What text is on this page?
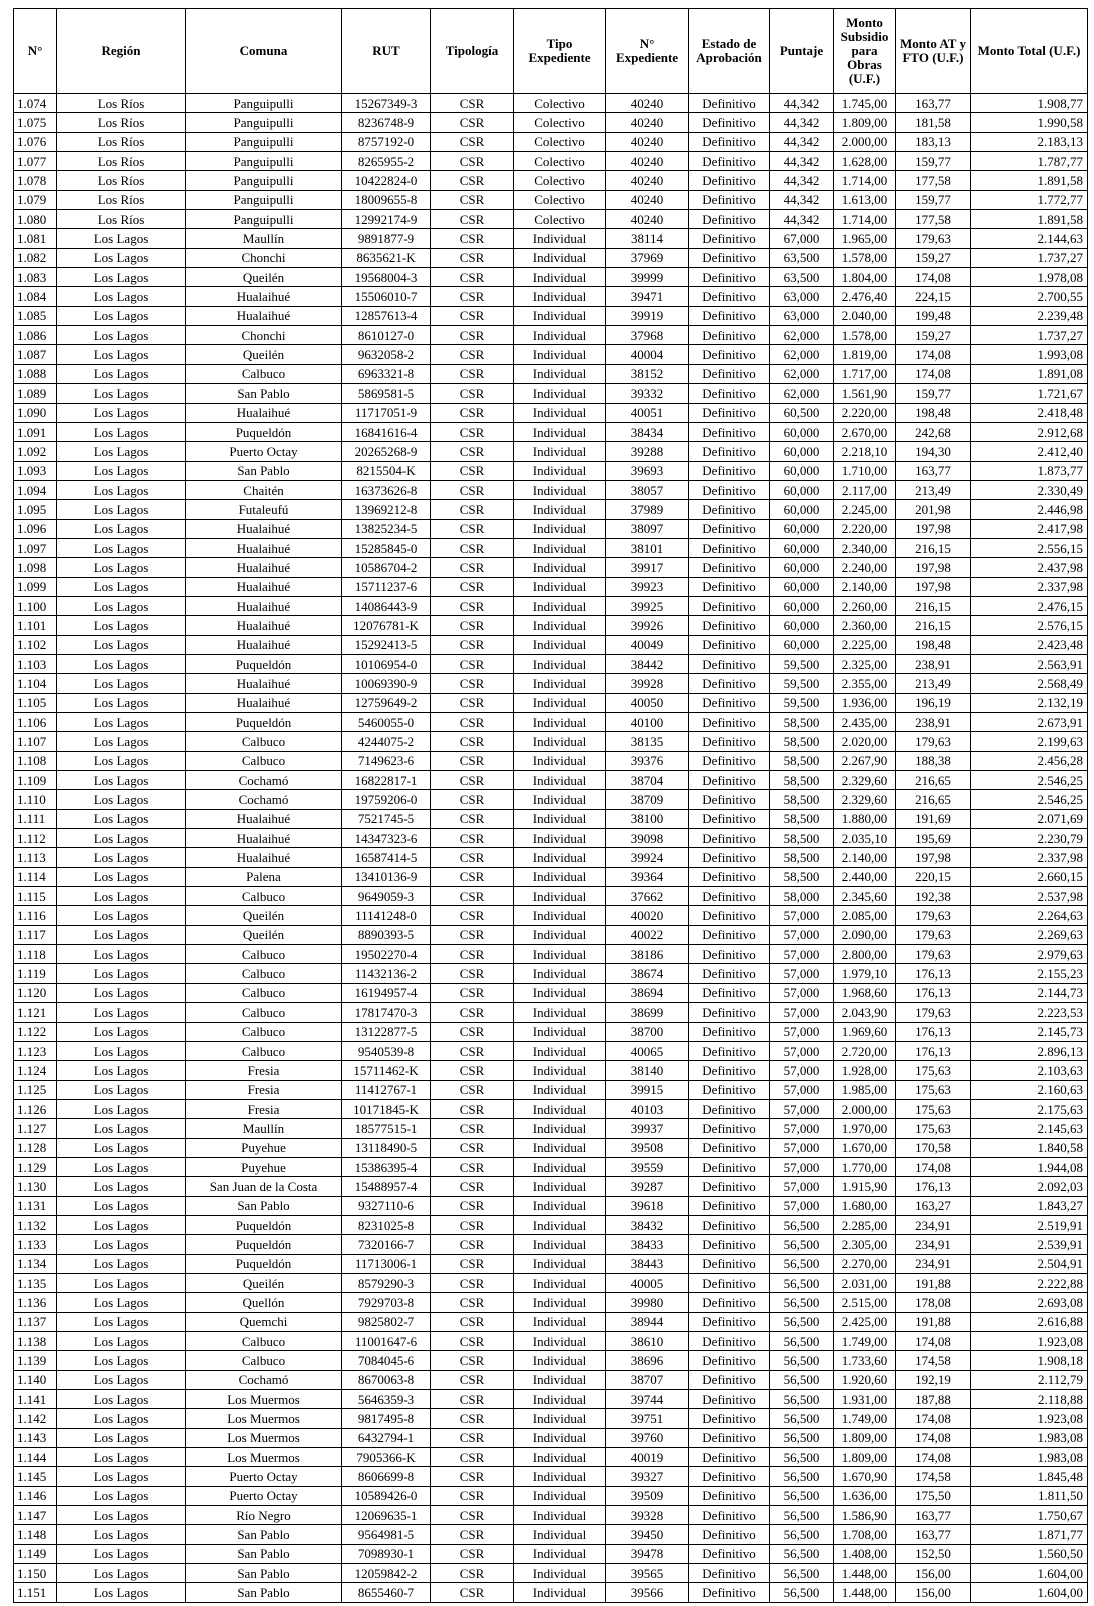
N°	Región	Comuna	RUT	Tipología	Tipo Expediente	N° Expediente	Estado de Aprobación	Puntaje	Monto Subsidio para Obras (U.F.)	Monto AT y FTO (U.F.)	Monto Total (U.F.)
1.074	Los Ríos	Panguipulli	15267349-3	CSR	Colectivo	40240	Definitivo	44,342	1.745,00	163,77	1.908,77
1.075	Los Ríos	Panguipulli	8236748-9	CSR	Colectivo	40240	Definitivo	44,342	1.809,00	181,58	1.990,58
1.076	Los Ríos	Panguipulli	8757192-0	CSR	Colectivo	40240	Definitivo	44,342	2.000,00	183,13	2.183,13
1.077	Los Ríos	Panguipulli	8265955-2	CSR	Colectivo	40240	Definitivo	44,342	1.628,00	159,77	1.787,77
1.078	Los Ríos	Panguipulli	10422824-0	CSR	Colectivo	40240	Definitivo	44,342	1.714,00	177,58	1.891,58
1.079	Los Ríos	Panguipulli	18009655-8	CSR	Colectivo	40240	Definitivo	44,342	1.613,00	159,77	1.772,77
1.080	Los Ríos	Panguipulli	12992174-9	CSR	Colectivo	40240	Definitivo	44,342	1.714,00	177,58	1.891,58
1.081	Los Lagos	Maullín	9891877-9	CSR	Individual	38114	Definitivo	67,000	1.965,00	179,63	2.144,63
1.082	Los Lagos	Chonchi	8635621-K	CSR	Individual	37969	Definitivo	63,500	1.578,00	159,27	1.737,27
1.083	Los Lagos	Queilén	19568004-3	CSR	Individual	39999	Definitivo	63,500	1.804,00	174,08	1.978,08
1.084	Los Lagos	Hualaihué	15506010-7	CSR	Individual	39471	Definitivo	63,000	2.476,40	224,15	2.700,55
1.085	Los Lagos	Hualaihué	12857613-4	CSR	Individual	39919	Definitivo	63,000	2.040,00	199,48	2.239,48
1.086	Los Lagos	Chonchi	8610127-0	CSR	Individual	37968	Definitivo	62,000	1.578,00	159,27	1.737,27
1.087	Los Lagos	Queilén	9632058-2	CSR	Individual	40004	Definitivo	62,000	1.819,00	174,08	1.993,08
1.088	Los Lagos	Calbuco	6963321-8	CSR	Individual	38152	Definitivo	62,000	1.717,00	174,08	1.891,08
1.089	Los Lagos	San Pablo	5869581-5	CSR	Individual	39332	Definitivo	62,000	1.561,90	159,77	1.721,67
1.090	Los Lagos	Hualaihué	11717051-9	CSR	Individual	40051	Definitivo	60,500	2.220,00	198,48	2.418,48
1.091	Los Lagos	Puqueldón	16841616-4	CSR	Individual	38434	Definitivo	60,000	2.670,00	242,68	2.912,68
1.092	Los Lagos	Puerto Octay	20265268-9	CSR	Individual	39288	Definitivo	60,000	2.218,10	194,30	2.412,40
1.093	Los Lagos	San Pablo	8215504-K	CSR	Individual	39693	Definitivo	60,000	1.710,00	163,77	1.873,77
1.094	Los Lagos	Chaitén	16373626-8	CSR	Individual	38057	Definitivo	60,000	2.117,00	213,49	2.330,49
1.095	Los Lagos	Futaleufú	13969212-8	CSR	Individual	37989	Definitivo	60,000	2.245,00	201,98	2.446,98
1.096	Los Lagos	Hualaihué	13825234-5	CSR	Individual	38097	Definitivo	60,000	2.220,00	197,98	2.417,98
1.097	Los Lagos	Hualaihué	15285845-0	CSR	Individual	38101	Definitivo	60,000	2.340,00	216,15	2.556,15
1.098	Los Lagos	Hualaihué	10586704-2	CSR	Individual	39917	Definitivo	60,000	2.240,00	197,98	2.437,98
1.099	Los Lagos	Hualaihué	15711237-6	CSR	Individual	39923	Definitivo	60,000	2.140,00	197,98	2.337,98
1.100	Los Lagos	Hualaihué	14086443-9	CSR	Individual	39925	Definitivo	60,000	2.260,00	216,15	2.476,15
1.101	Los Lagos	Hualaihué	12076781-K	CSR	Individual	39926	Definitivo	60,000	2.360,00	216,15	2.576,15
1.102	Los Lagos	Hualaihué	15292413-5	CSR	Individual	40049	Definitivo	60,000	2.225,00	198,48	2.423,48
1.103	Los Lagos	Puqueldón	10106954-0	CSR	Individual	38442	Definitivo	59,500	2.325,00	238,91	2.563,91
1.104	Los Lagos	Hualaihué	10069390-9	CSR	Individual	39928	Definitivo	59,500	2.355,00	213,49	2.568,49
1.105	Los Lagos	Hualaihué	12759649-2	CSR	Individual	40050	Definitivo	59,500	1.936,00	196,19	2.132,19
1.106	Los Lagos	Puqueldón	5460055-0	CSR	Individual	40100	Definitivo	58,500	2.435,00	238,91	2.673,91
1.107	Los Lagos	Calbuco	4244075-2	CSR	Individual	38135	Definitivo	58,500	2.020,00	179,63	2.199,63
1.108	Los Lagos	Calbuco	7149623-6	CSR	Individual	39376	Definitivo	58,500	2.267,90	188,38	2.456,28
1.109	Los Lagos	Cochamó	16822817-1	CSR	Individual	38704	Definitivo	58,500	2.329,60	216,65	2.546,25
1.110	Los Lagos	Cochamó	19759206-0	CSR	Individual	38709	Definitivo	58,500	2.329,60	216,65	2.546,25
1.111	Los Lagos	Hualaihué	7521745-5	CSR	Individual	38100	Definitivo	58,500	1.880,00	191,69	2.071,69
1.112	Los Lagos	Hualaihué	14347323-6	CSR	Individual	39098	Definitivo	58,500	2.035,10	195,69	2.230,79
1.113	Los Lagos	Hualaihué	16587414-5	CSR	Individual	39924	Definitivo	58,500	2.140,00	197,98	2.337,98
1.114	Los Lagos	Palena	13410136-9	CSR	Individual	39364	Definitivo	58,500	2.440,00	220,15	2.660,15
1.115	Los Lagos	Calbuco	9649059-3	CSR	Individual	37662	Definitivo	58,000	2.345,60	192,38	2.537,98
1.116	Los Lagos	Queilén	11141248-0	CSR	Individual	40020	Definitivo	57,000	2.085,00	179,63	2.264,63
1.117	Los Lagos	Queilén	8890393-5	CSR	Individual	40022	Definitivo	57,000	2.090,00	179,63	2.269,63
1.118	Los Lagos	Calbuco	19502270-4	CSR	Individual	38186	Definitivo	57,000	2.800,00	179,63	2.979,63
1.119	Los Lagos	Calbuco	11432136-2	CSR	Individual	38674	Definitivo	57,000	1.979,10	176,13	2.155,23
1.120	Los Lagos	Calbuco	16194957-4	CSR	Individual	38694	Definitivo	57,000	1.968,60	176,13	2.144,73
1.121	Los Lagos	Calbuco	17817470-3	CSR	Individual	38699	Definitivo	57,000	2.043,90	179,63	2.223,53
1.122	Los Lagos	Calbuco	13122877-5	CSR	Individual	38700	Definitivo	57,000	1.969,60	176,13	2.145,73
1.123	Los Lagos	Calbuco	9540539-8	CSR	Individual	40065	Definitivo	57,000	2.720,00	176,13	2.896,13
1.124	Los Lagos	Fresia	15711462-K	CSR	Individual	38140	Definitivo	57,000	1.928,00	175,63	2.103,63
1.125	Los Lagos	Fresia	11412767-1	CSR	Individual	39915	Definitivo	57,000	1.985,00	175,63	2.160,63
1.126	Los Lagos	Fresia	10171845-K	CSR	Individual	40103	Definitivo	57,000	2.000,00	175,63	2.175,63
1.127	Los Lagos	Maullín	18577515-1	CSR	Individual	39937	Definitivo	57,000	1.970,00	175,63	2.145,63
1.128	Los Lagos	Puyehue	13118490-5	CSR	Individual	39508	Definitivo	57,000	1.670,00	170,58	1.840,58
1.129	Los Lagos	Puyehue	15386395-4	CSR	Individual	39559	Definitivo	57,000	1.770,00	174,08	1.944,08
1.130	Los Lagos	San Juan de la Costa	15488957-4	CSR	Individual	39287	Definitivo	57,000	1.915,90	176,13	2.092,03
1.131	Los Lagos	San Pablo	9327110-6	CSR	Individual	39618	Definitivo	57,000	1.680,00	163,27	1.843,27
1.132	Los Lagos	Puqueldón	8231025-8	CSR	Individual	38432	Definitivo	56,500	2.285,00	234,91	2.519,91
1.133	Los Lagos	Puqueldón	7320166-7	CSR	Individual	38433	Definitivo	56,500	2.305,00	234,91	2.539,91
1.134	Los Lagos	Puqueldón	11713006-1	CSR	Individual	38443	Definitivo	56,500	2.270,00	234,91	2.504,91
1.135	Los Lagos	Queilén	8579290-3	CSR	Individual	40005	Definitivo	56,500	2.031,00	191,88	2.222,88
1.136	Los Lagos	Quellón	7929703-8	CSR	Individual	39980	Definitivo	56,500	2.515,00	178,08	2.693,08
1.137	Los Lagos	Quemchi	9825802-7	CSR	Individual	38944	Definitivo	56,500	2.425,00	191,88	2.616,88
1.138	Los Lagos	Calbuco	11001647-6	CSR	Individual	38610	Definitivo	56,500	1.749,00	174,08	1.923,08
1.139	Los Lagos	Calbuco	7084045-6	CSR	Individual	38696	Definitivo	56,500	1.733,60	174,58	1.908,18
1.140	Los Lagos	Cochamó	8670063-8	CSR	Individual	38707	Definitivo	56,500	1.920,60	192,19	2.112,79
1.141	Los Lagos	Los Muermos	5646359-3	CSR	Individual	39744	Definitivo	56,500	1.931,00	187,88	2.118,88
1.142	Los Lagos	Los Muermos	9817495-8	CSR	Individual	39751	Definitivo	56,500	1.749,00	174,08	1.923,08
1.143	Los Lagos	Los Muermos	6432794-1	CSR	Individual	39760	Definitivo	56,500	1.809,00	174,08	1.983,08
1.144	Los Lagos	Los Muermos	7905366-K	CSR	Individual	40019	Definitivo	56,500	1.809,00	174,08	1.983,08
1.145	Los Lagos	Puerto Octay	8606699-8	CSR	Individual	39327	Definitivo	56,500	1.670,90	174,58	1.845,48
1.146	Los Lagos	Puerto Octay	10589426-0	CSR	Individual	39509	Definitivo	56,500	1.636,00	175,50	1.811,50
1.147	Los Lagos	Río Negro	12069635-1	CSR	Individual	39328	Definitivo	56,500	1.586,90	163,77	1.750,67
1.148	Los Lagos	San Pablo	9564981-5	CSR	Individual	39450	Definitivo	56,500	1.708,00	163,77	1.871,77
1.149	Los Lagos	San Pablo	7098930-1	CSR	Individual	39478	Definitivo	56,500	1.408,00	152,50	1.560,50
1.150	Los Lagos	San Pablo	12059842-2	CSR	Individual	39565	Definitivo	56,500	1.448,00	156,00	1.604,00
1.151	Los Lagos	San Pablo	8655460-7	CSR	Individual	39566	Definitivo	56,500	1.448,00	156,00	1.604,00
